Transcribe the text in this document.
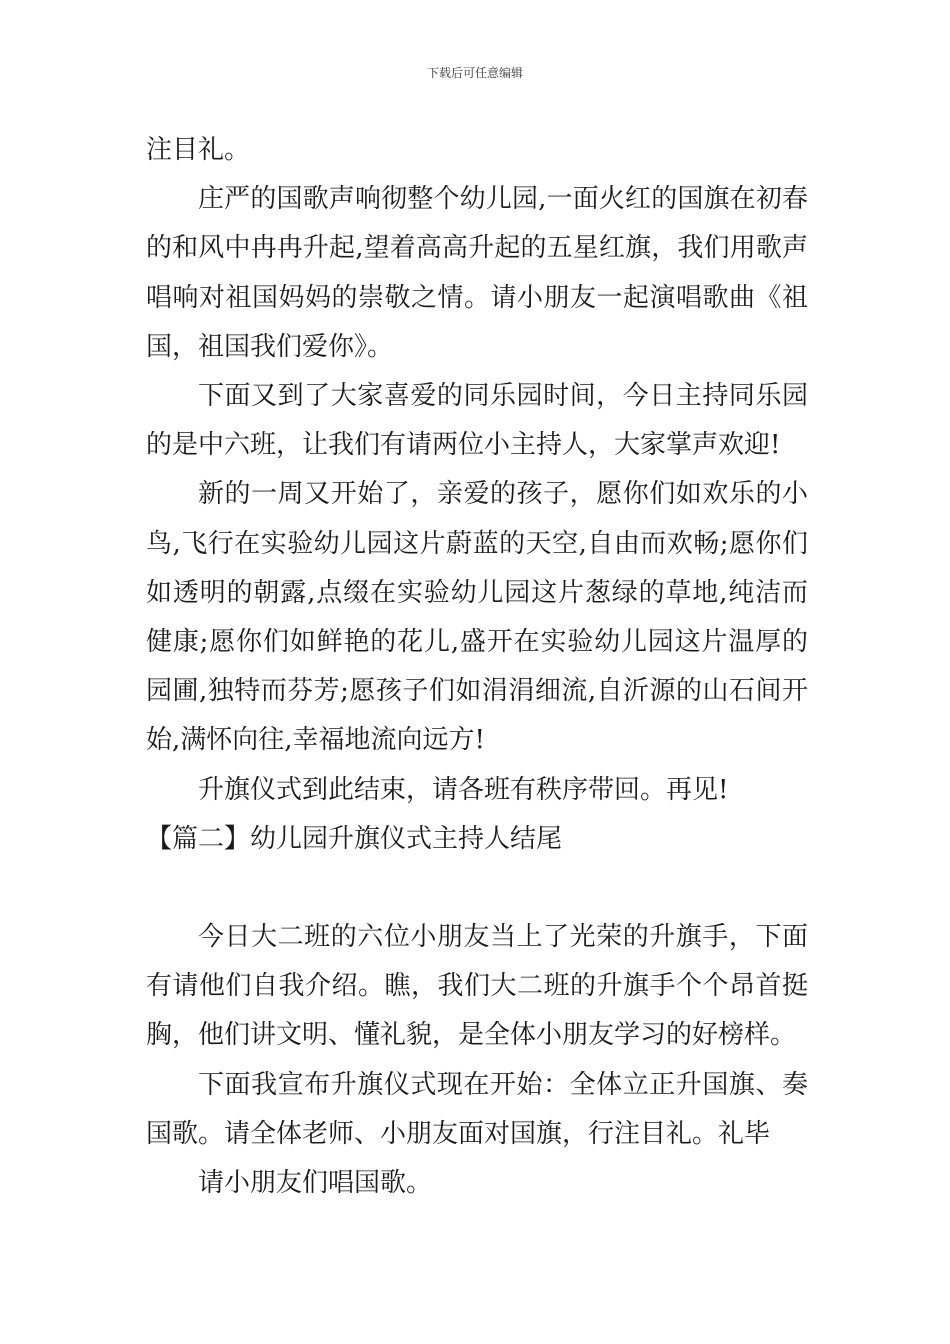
下载后可任意编辑

注目礼。

庄严的国歌声响彻整个幼儿园,一面火红的国旗在初春的和风中冉冉升起,望着高高升起的五星红旗，我们用歌声唱响对祖国妈妈的崇敬之情。请小朋友一起演唱歌曲《祖国，祖国我们爱你》。

下面又到了大家喜爱的同乐园时间，今日主持同乐园的是中六班，让我们有请两位小主持人，大家掌声欢迎!

新的一周又开始了，亲爱的孩子，愿你们如欢乐的小鸟,飞行在实验幼儿园这片蔚蓝的天空,自由而欢畅;愿你们如透明的朝露,点缀在实验幼儿园这片葱绿的草地,纯洁而健康;愿你们如鲜艳的花儿,盛开在实验幼儿园这片温厚的园圃,独特而芬芳;愿孩子们如涓涓细流,自沂源的山石间开始,满怀向往,幸福地流向远方!

升旗仪式到此结束，请各班有秩序带回。再见!

【篇二】幼儿园升旗仪式主持人结尾

今日大二班的六位小朋友当上了光荣的升旗手，下面有请他们自我介绍。瞧，我们大二班的升旗手个个昂首挺胸，他们讲文明、懂礼貌，是全体小朋友学习的好榜样。

下面我宣布升旗仪式现在开始：全体立正升国旗、奏国歌。请全体老师、小朋友面对国旗，行注目礼。礼毕

请小朋友们唱国歌。
